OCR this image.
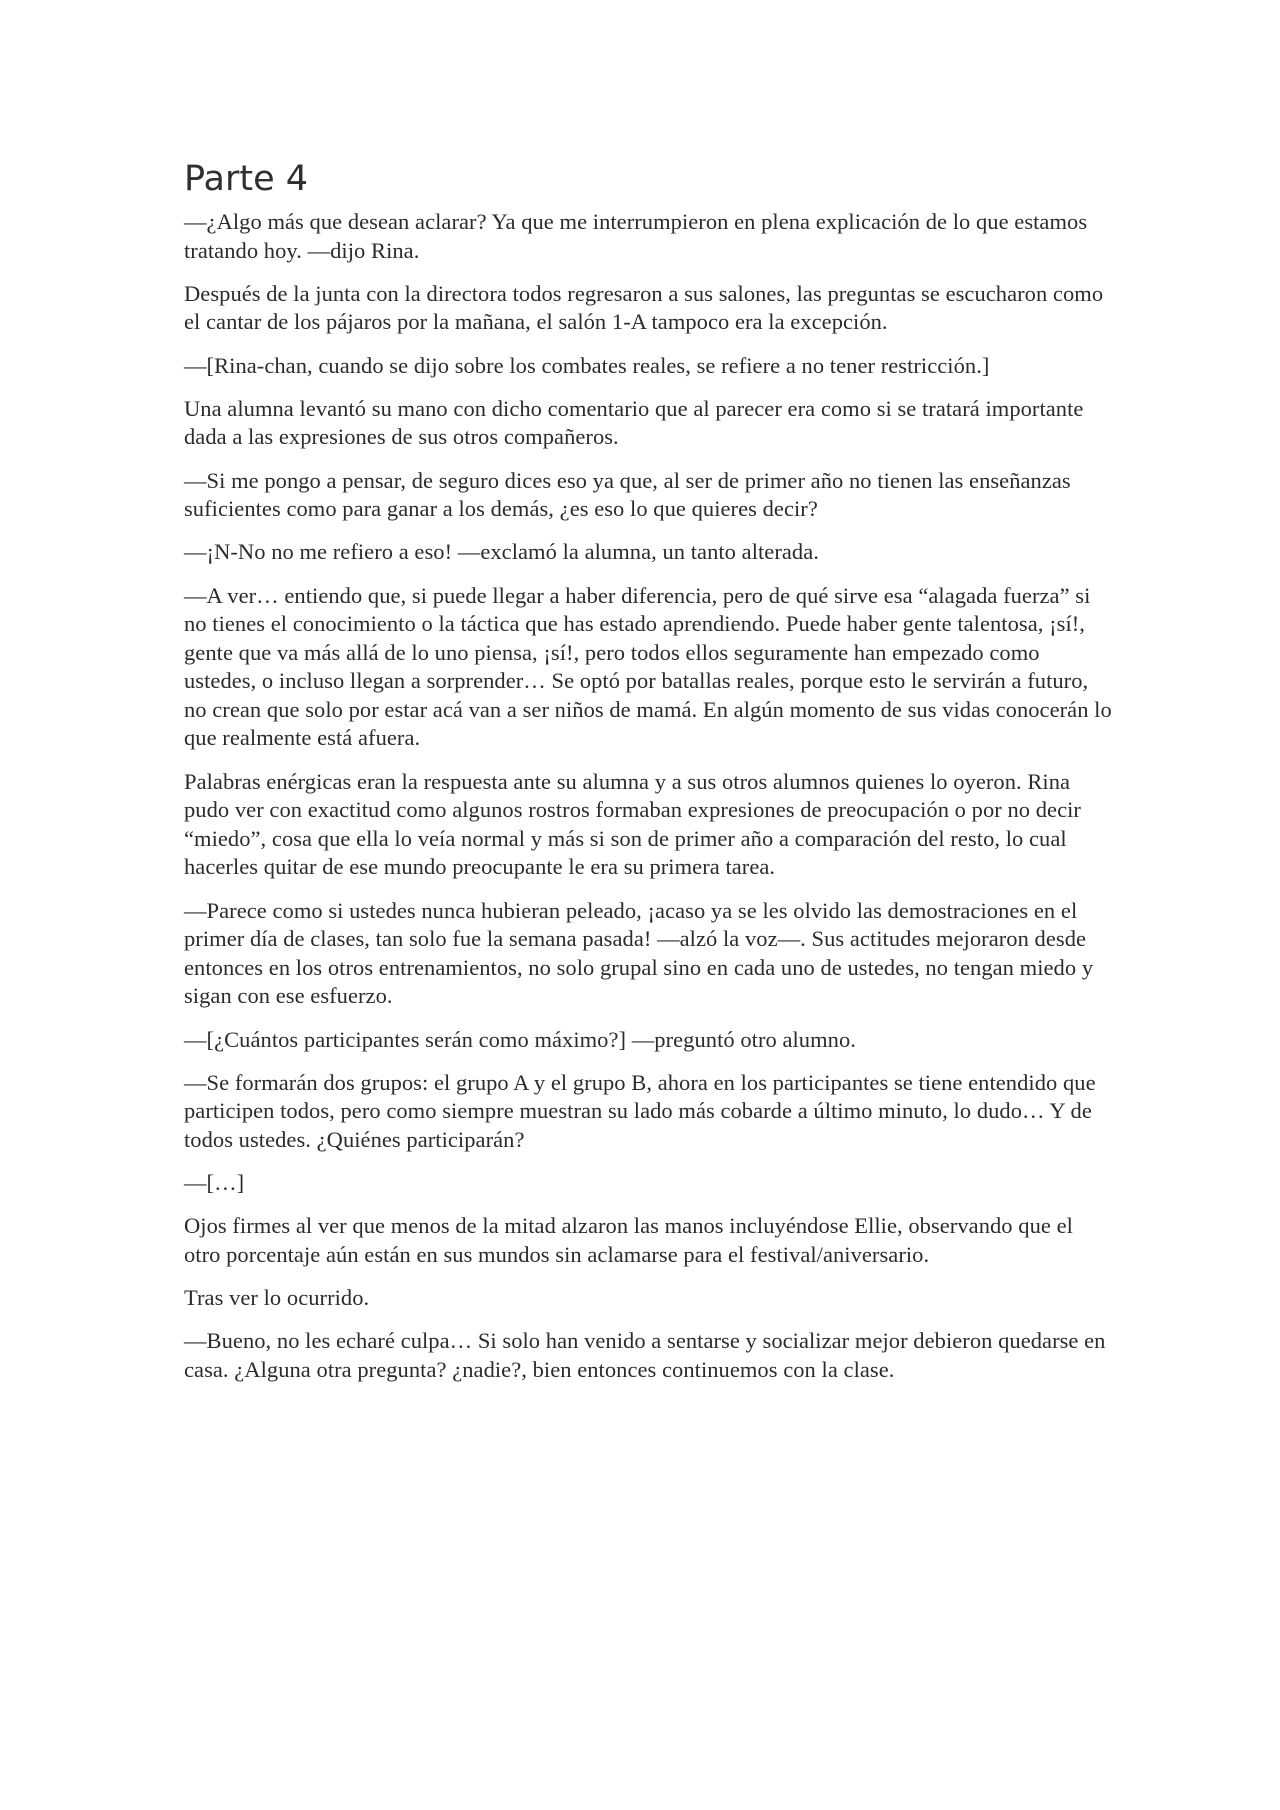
Parte 4

—¿Algo más que desean aclarar? Ya que me interrumpieron en plena explicación de lo que estamos tratando hoy. —dijo Rina.

Después de la junta con la directora todos regresaron a sus salones, las preguntas se escucharon como el cantar de los pájaros por la mañana, el salón 1-A tampoco era la excepción.

—[Rina-chan, cuando se dijo sobre los combates reales, se refiere a no tener restricción.]

Una alumna levantó su mano con dicho comentario que al parecer era como si se tratará importante dada a las expresiones de sus otros compañeros.

—Si me pongo a pensar, de seguro dices eso ya que, al ser de primer año no tienen las enseñanzas suficientes como para ganar a los demás, ¿es eso lo que quieres decir?

—¡N-No no me refiero a eso! —exclamó la alumna, un tanto alterada.

—A ver… entiendo que, si puede llegar a haber diferencia, pero de qué sirve esa “alagada fuerza” si no tienes el conocimiento o la táctica que has estado aprendiendo. Puede haber gente talentosa, ¡sí!, gente que va más allá de lo uno piensa, ¡sí!, pero todos ellos seguramente han empezado como ustedes, o incluso llegan a sorprender… Se optó por batallas reales, porque esto le servirán a futuro, no crean que solo por estar acá van a ser niños de mamá. En algún momento de sus vidas conocerán lo que realmente está afuera.

Palabras enérgicas eran la respuesta ante su alumna y a sus otros alumnos quienes lo oyeron. Rina pudo ver con exactitud como algunos rostros formaban expresiones de preocupación o por no decir “miedo”, cosa que ella lo veía normal y más si son de primer año a comparación del resto, lo cual hacerles quitar de ese mundo preocupante le era su primera tarea.

—Parece como si ustedes nunca hubieran peleado, ¡acaso ya se les olvido las demostraciones en el primer día de clases, tan solo fue la semana pasada! —alzó la voz—. Sus actitudes mejoraron desde entonces en los otros entrenamientos, no solo grupal sino en cada uno de ustedes, no tengan miedo y sigan con ese esfuerzo.

—[¿Cuántos participantes serán como máximo?] —preguntó otro alumno.

—Se formarán dos grupos: el grupo A y el grupo B, ahora en los participantes se tiene entendido que participen todos, pero como siempre muestran su lado más cobarde a último minuto, lo dudo… Y de todos ustedes. ¿Quiénes participarán?

—[…]

Ojos firmes al ver que menos de la mitad alzaron las manos incluyéndose Ellie, observando que el otro porcentaje aún están en sus mundos sin aclamarse para el festival/aniversario.

Tras ver lo ocurrido.

—Bueno, no les echaré culpa… Si solo han venido a sentarse y socializar mejor debieron quedarse en casa. ¿Alguna otra pregunta? ¿nadie?, bien entonces continuemos con la clase.
